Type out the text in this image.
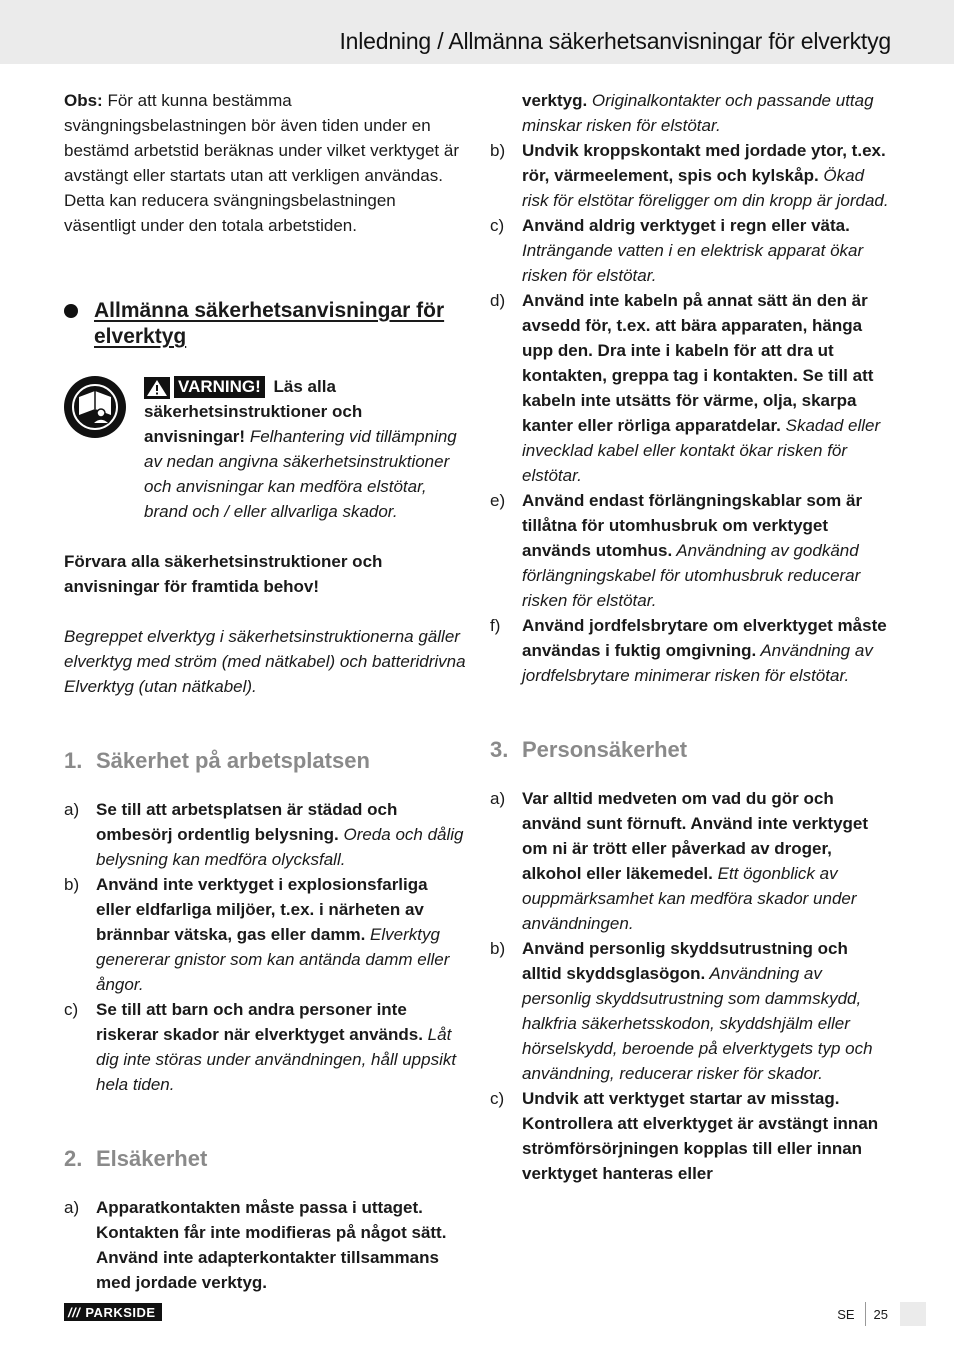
Inledning / Allmänna säkerhetsanvisningar för elverktyg

Obs: För att kunna bestämma svängningsbelastningen bör även tiden under en bestämd arbetstid beräknas under vilket verktyget är avstängt eller startats utan att verkligen användas. Detta kan reducera svängningsbelastningen väsentligt under den totala arbetstiden.

Allmänna säkerhetsanvisningar för elverktyg

VARNING! Läs alla säkerhetsinstruktioner och anvisningar! Felhantering vid tillämpning av nedan angivna säkerhetsinstruktioner och anvisningar kan medföra elstötar, brand och / eller allvarliga skador.

Förvara alla säkerhetsinstruktioner och anvisningar för framtida behov!

Begreppet elverktyg i säkerhetsinstruktionerna gäller elverktyg med ström (med nätkabel) och batteridrivna Elverktyg (utan nätkabel).

1. Säkerhet på arbetsplatsen
a) Se till att arbetsplatsen är städad och ombesörj ordentlig belysning. Oreda och dålig belysning kan medföra olycksfall.
b) Använd inte verktyget i explosionsfarliga eller eldfarliga miljöer, t.ex. i närheten av brännbar vätska, gas eller damm. Elverktyg genererar gnistor som kan antända damm eller ångor.
c)	Se till att barn och andra personer inte riskerar skador när elverktyget används. Låt dig inte störas under användningen, håll uppsikt hela tiden.
2. Elsäkerhet
a) Apparatkontakten måste passa i uttaget. Kontakten får inte modifieras på något sätt. Använd inte adapterkontakter tillsammans med jordade verktyg.
verktyg. Originalkontakter och passande uttag minskar risken för elstötar.
b) Undvik kroppskontakt med jordade ytor, t.ex. rör, värmeelement, spis och kylskåp. Ökad risk för elstötar föreligger om din kropp är jordad.
c)	Använd aldrig verktyget i regn eller väta. Inträngande vatten i en elektrisk apparat ökar risken för elstötar.
d) Använd inte kabeln på annat sätt än den är avsedd för, t.ex. att bära apparaten, hänga upp den. Dra inte i kabeln för att dra ut kontakten, greppa tag i kontakten. Se till att kabeln inte utsätts för värme, olja, skarpa kanter eller rörliga apparatdelar. Skadad eller invecklad kabel eller kontakt ökar risken för elstötar.
e) Använd endast förlängningskablar som är tillåtna för utomhusbruk om verktyget används utomhus. Användning av godkänd förlängningskabel för utomhusbruk reducerar risken för elstötar.
f)	Använd jordfelsbrytare om elverktyget måste användas i fuktig omgivning. Användning av jordfelsbrytare minimerar risken för elstötar.
3. Personsäkerhet
a) Var alltid medveten om vad du gör och använd sunt förnuft. Använd inte verktyget om ni är trött eller påverkad av droger, alkohol eller läkemedel. Ett ögonblick av ouppmärksamhet kan medföra skador under användningen.
b) Använd personlig skyddsutrustning och alltid skyddsglasögon. Användning av personlig skyddsutrustning som dammskydd, halkfria säkerhetsskodon, skyddshjälm eller hörselskydd, beroende på elverktygets typ och användning, reducerar risker för skador.
c)	Undvik att verktyget startar av misstag. Kontrollera att elverktyget är avstängt innan strömförsörjningen kopplas till eller innan verktyget hanteras eller
/// PARKSIDE	SE 25
